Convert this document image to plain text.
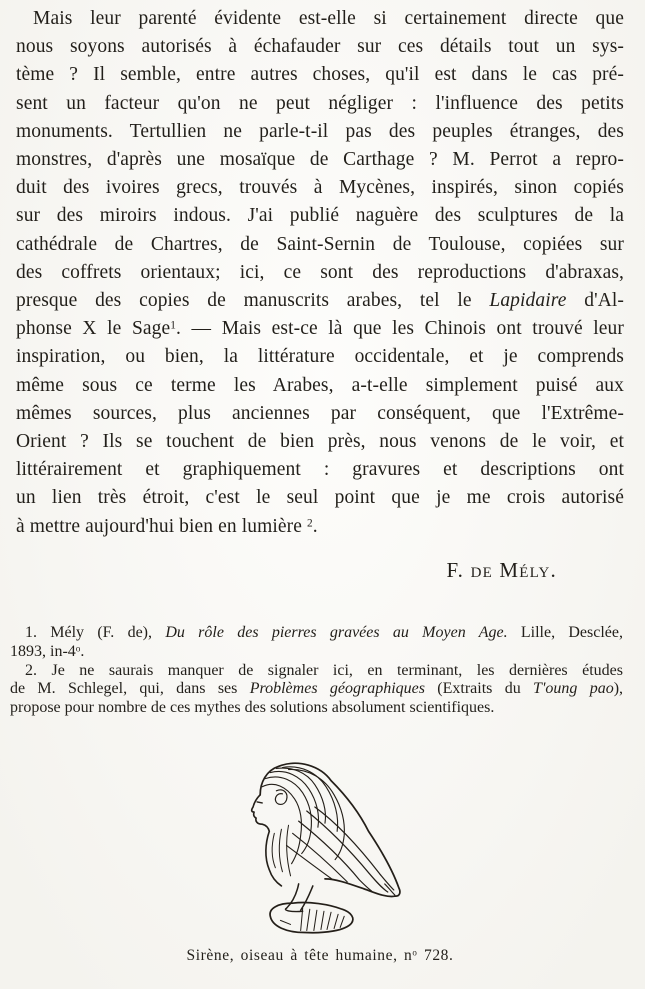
Mais leur parenté évidente est-elle si certainement directe que
nous soyons autorisés à échafauder sur ces détails tout un sys-
tème ? Il semble, entre autres choses, qu'il est dans le cas pré-
sent un facteur qu'on ne peut négliger : l'influence des petits
monuments. Tertullien ne parle-t-il pas des peuples étranges, des
monstres, d'après une mosaïque de Carthage ? M. Perrot a repro-
duit des ivoires grecs, trouvés à Mycènes, inspirés, sinon copiés
sur des miroirs indous. J'ai publié naguère des sculptures de la
cathédrale de Chartres, de Saint-Sernin de Toulouse, copiées sur
des coffrets orientaux; ici, ce sont des reproductions d'abraxas,
presque des copies de manuscrits arabes, tel le Lapidaire d'Al-
phonse X le Sage$^1$. — Mais est-ce là que les Chinois ont trouvé leur
inspiration, ou bien, la littérature occidentale, et je comprends
même sous ce terme les Arabes, a-t-elle simplement puisé aux
mêmes sources, plus anciennes par conséquent, que l'Extrême-
Orient ? Ils se touchent de bien près, nous venons de le voir, et
littérairement et graphiquement : gravures et descriptions ont
un lien très étroit, c'est le seul point que je me crois autorisé
à mettre aujourd'hui bien en lumière $^2$.
F. de Mély.
1. Mély (F. de), Du rôle des pierres gravées au Moyen Age. Lille, Desclée,
1893, in-4$^o$.
2. Je ne saurais manquer de signaler ici, en terminant, les dernières études
de M. Schlegel, qui, dans ses Problèmes géographiques (Extraits du T'oung pao),
propose pour nombre de ces mythes des solutions absolument scientifiques.
Sirène, oiseau à tête humaine, $n^o$ 728.
